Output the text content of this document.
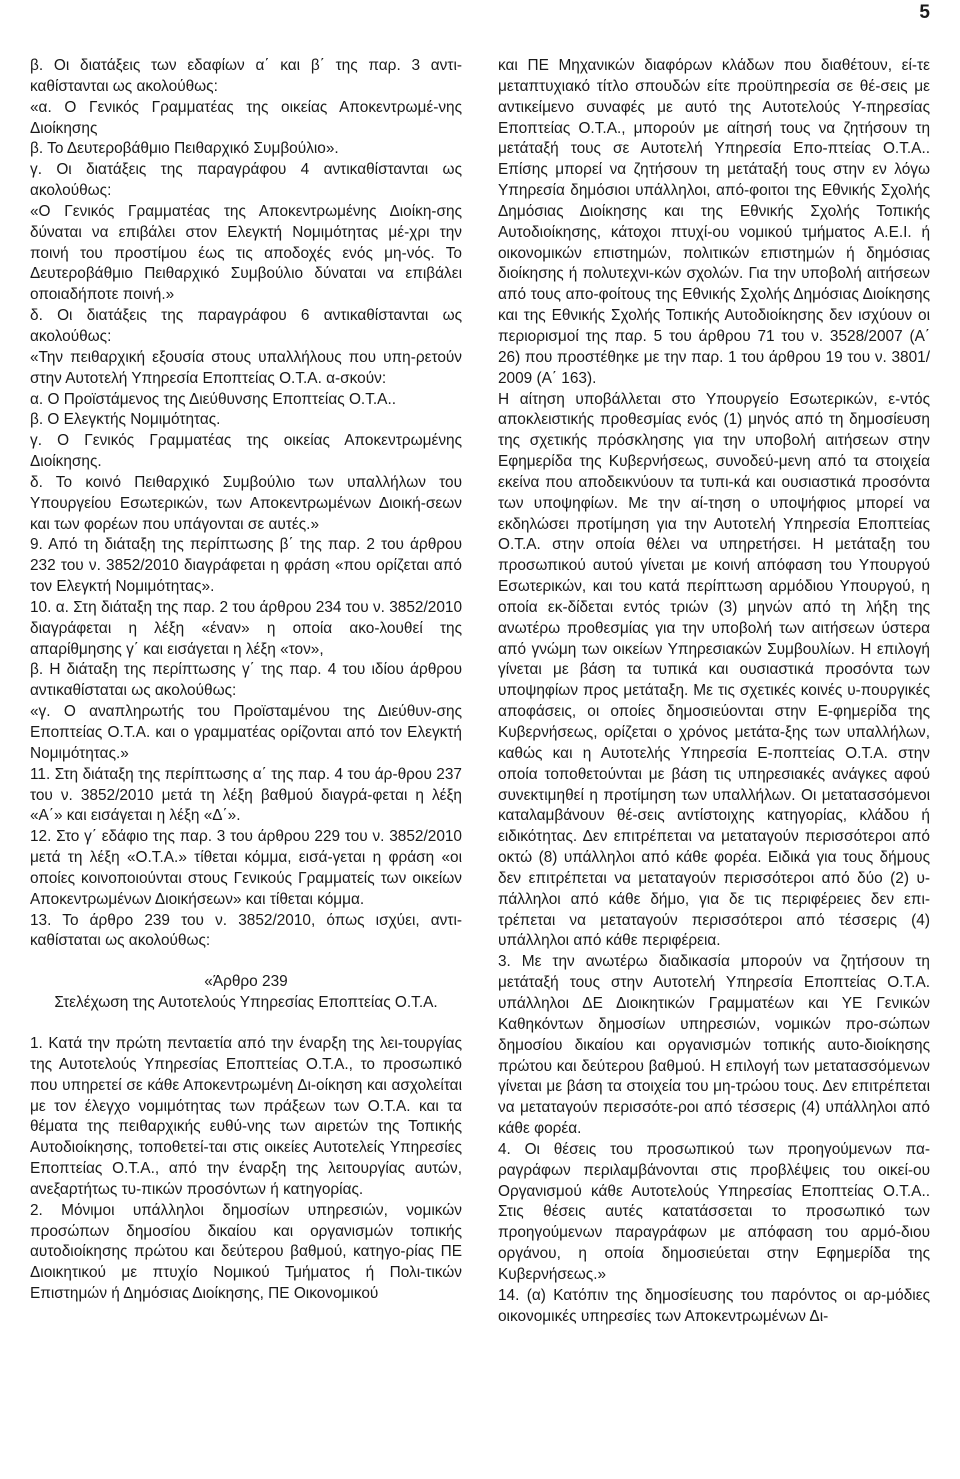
5

β. Οι διατάξεις των εδαφίων α΄ και β΄ της παρ. 3 αντι-καθίστανται ως ακολούθως:

«α. Ο Γενικός Γραμματέας της οικείας Αποκεντρωμέ-νης Διοίκησης

β. Το Δευτεροβάθμιο Πειθαρχικό Συμβούλιο».

γ. Οι διατάξεις της παραγράφου 4 αντικαθίστανται ως ακολούθως:

«Ο Γενικός Γραμματέας της Αποκεντρωμένης Διοίκη-σης δύναται να επιβάλει στον Ελεγκτή Νομιμότητας μέ-χρι την ποινή του προστίμου έως τις αποδοχές ενός μη-νός. Το Δευτεροβάθμιο Πειθαρχικό Συμβούλιο δύναται να επιβάλει οποιαδήποτε ποινή.»

δ. Οι διατάξεις της παραγράφου 6 αντικαθίστανται ως ακολούθως:

«Την πειθαρχική εξουσία στους υπαλλήλους που υπη-ρετούν στην Αυτοτελή Υπηρεσία Εποπτείας Ο.Τ.Α. α-σκούν:

α. Ο Προϊστάμενος της Διεύθυνσης Εποπτείας Ο.Τ.Α..

β. Ο Ελεγκτής Νομιμότητας.

γ. Ο Γενικός Γραμματέας της οικείας Αποκεντρωμένης Διοίκησης.

δ. Το κοινό Πειθαρχικό Συμβούλιο των υπαλλήλων του Υπουργείου Εσωτερικών, των Αποκεντρωμένων Διοική-σεων και των φορέων που υπάγονται σε αυτές.»

9. Από τη διάταξη της περίπτωσης β΄ της παρ. 2 του άρθρου 232 του ν. 3852/2010 διαγράφεται η φράση «που ορίζεται από τον Ελεγκτή Νομιμότητας».

10. α. Στη διάταξη της παρ. 2 του άρθρου 234 του ν. 3852/2010 διαγράφεται η λέξη «έναν» η οποία ακο-λουθεί της απαρίθμησης γ΄ και εισάγεται η λέξη «τον»,

β. Η διάταξη της περίπτωσης γ΄ της παρ. 4 του ιδίου άρθρου αντικαθίσταται ως ακολούθως:

«γ. Ο αναπληρωτής του Προϊσταμένου της Διεύθυν-σης Εποπτείας Ο.Τ.Α. και ο γραμματέας ορίζονται από τον Ελεγκτή Νομιμότητας.»

11. Στη διάταξη της περίπτωσης α΄ της παρ. 4 του άρ-θρου 237 του ν. 3852/2010 μετά τη λέξη βαθμού διαγρά-φεται η λέξη «Α΄» και εισάγεται η λέξη «Δ΄».

12. Στο γ΄ εδάφιο της παρ. 3 του άρθρου 229 του ν. 3852/2010 μετά τη λέξη «Ο.Τ.Α.» τίθεται κόμμα, εισά-γεται η φράση «οι οποίες κοινοποιούνται στους Γενικούς Γραμματείς των οικείων Αποκεντρωμένων Διοικήσεων» και τίθεται κόμμα.

13. Το άρθρο 239 του ν. 3852/2010, όπως ισχύει, αντι-καθίσταται ως ακολούθως:

«Άρθρο 239

Στελέχωση της Αυτοτελούς Υπηρεσίας Εποπτείας Ο.Τ.Α.

1. Κατά την πρώτη πενταετία από την έναρξη της λει-τουργίας της Αυτοτελούς Υπηρεσίας Εποπτείας Ο.Τ.Α., το προσωπικό που υπηρετεί σε κάθε Αποκεντρωμένη Δι-οίκηση και ασχολείται με τον έλεγχο νομιμότητας των πράξεων των Ο.Τ.Α. και τα θέματα της πειθαρχικής ευθύ-νης των αιρετών της Τοπικής Αυτοδιοίκησης, τοποθετεί-ται στις οικείες Αυτοτελείς Υπηρεσίες Εποπτείας Ο.Τ.Α., από την έναρξη της λειτουργίας αυτών, ανεξαρτήτως τυ-πικών προσόντων ή κατηγορίας.

2. Μόνιμοι υπάλληλοι δημοσίων υπηρεσιών, νομικών προσώπων δημοσίου δικαίου και οργανισμών τοπικής αυτοδιοίκησης πρώτου και δεύτερου βαθμού, κατηγο-ρίας ΠΕ Διοικητικού με πτυχίο Νομικού Τμήματος ή Πολι-τικών Επιστημών ή Δημόσιας Διοίκησης, ΠΕ Οικονομικού

και ΠΕ Μηχανικών διαφόρων κλάδων που διαθέτουν, εί-τε μεταπτυχιακό τίτλο σπουδών είτε προϋπηρεσία σε θέ-σεις με αντικείμενο συναφές με αυτό της Αυτοτελούς Υ-πηρεσίας Εποπτείας Ο.Τ.Α., μπορούν με αίτησή τους να ζητήσουν τη μετάταξή τους σε Αυτοτελή Υπηρεσία Επο-πτείας Ο.Τ.Α.. Επίσης μπορεί να ζητήσουν τη μετάταξή τους στην εν λόγω Υπηρεσία δημόσιοι υπάλληλοι, από-φοιτοι της Εθνικής Σχολής Δημόσιας Διοίκησης και της Εθνικής Σχολής Τοπικής Αυτοδιοίκησης, κάτοχοι πτυχί-ου νομικού τμήματος Α.Ε.Ι. ή οικονομικών επιστημών, πολιτικών επιστημών ή δημόσιας διοίκησης ή πολυτεχνι-κών σχολών. Για την υποβολή αιτήσεων από τους απο-φοίτους της Εθνικής Σχολής Δημόσιας Διοίκησης και της Εθνικής Σχολής Τοπικής Αυτοδιοίκησης δεν ισχύουν οι περιορισμοί της παρ. 5 του άρθρου 71 του ν. 3528/2007 (Α΄ 26) που προστέθηκε με την παρ. 1 του άρθρου 19 του ν. 3801/ 2009 (Α΄ 163).

Η αίτηση υποβάλλεται στο Υπουργείο Εσωτερικών, ε-ντός αποκλειστικής προθεσμίας ενός (1) μηνός από τη δημοσίευση της σχετικής πρόσκλησης για την υποβολή αιτήσεων στην Εφημερίδα της Κυβερνήσεως, συνοδεύ-μενη από τα στοιχεία εκείνα που αποδεικνύουν τα τυπι-κά και ουσιαστικά προσόντα των υποψηφίων. Με την αί-τηση ο υποψήφιος μπορεί να εκδηλώσει προτίμηση για την Αυτοτελή Υπηρεσία Εποπτείας Ο.Τ.Α. στην οποία θέλει να υπηρετήσει. Η μετάταξη του προσωπικού αυτού γίνεται με κοινή απόφαση του Υπουργού Εσωτερικών, και του κατά περίπτωση αρμόδιου Υπουργού, η οποία εκ-δίδεται εντός τριών (3) μηνών από τη λήξη της ανωτέρω προθεσμίας για την υποβολή των αιτήσεων ύστερα από γνώμη των οικείων Υπηρεσιακών Συμβουλίων. Η επιλογή γίνεται με βάση τα τυπικά και ουσιαστικά προσόντα των υποψηφίων προς μετάταξη. Με τις σχετικές κοινές υ-πουργικές αποφάσεις, οι οποίες δημοσιεύονται στην Ε-φημερίδα της Κυβερνήσεως, ορίζεται ο χρόνος μετάτα-ξης των υπαλλήλων, καθώς και η Αυτοτελής Υπηρεσία Ε-ποπτείας Ο.Τ.Α. στην οποία τοποθετούνται με βάση τις υπηρεσιακές ανάγκες αφού συνεκτιμηθεί η προτίμηση των υπαλλήλων. Οι μετατασσόμενοι καταλαμβάνουν θέ-σεις αντίστοιχης κατηγορίας, κλάδου ή ειδικότητας. Δεν επιτρέπεται να μεταταγούν περισσότεροι από οκτώ (8) υπάλληλοι από κάθε φορέα. Ειδικά για τους δήμους δεν επιτρέπεται να μεταταγούν περισσότεροι από δύο (2) υ-πάλληλοι από κάθε δήμο, για δε τις περιφέρειες δεν επι-τρέπεται να μεταταγούν περισσότεροι από τέσσερις (4) υπάλληλοι από κάθε περιφέρεια.

3. Με την ανωτέρω διαδικασία μπορούν να ζητήσουν τη μετάταξή τους στην Αυτοτελή Υπηρεσία Εποπτείας Ο.Τ.Α. υπάλληλοι ΔΕ Διοικητικών Γραμματέων και ΥΕ Γενικών Καθηκόντων δημοσίων υπηρεσιών, νομικών προ-σώπων δημοσίου δικαίου και οργανισμών τοπικής αυτο-διοίκησης πρώτου και δεύτερου βαθμού. Η επιλογή των μετατασσόμενων γίνεται με βάση τα στοιχεία του μη-τρώου τους. Δεν επιτρέπεται να μεταταγούν περισσότε-ροι από τέσσερις (4) υπάλληλοι από κάθε φορέα.

4. Οι θέσεις του προσωπικού των προηγούμενων πα-ραγράφων περιλαμβάνονται στις προβλέψεις του οικεί-ου Οργανισμού κάθε Αυτοτελούς Υπηρεσίας Εποπτείας Ο.Τ.Α.. Στις θέσεις αυτές κατατάσσεται το προσωπικό των προηγούμενων παραγράφων με απόφαση του αρμό-διου οργάνου, η οποία δημοσιεύεται στην Εφημερίδα της Κυβερνήσεως.»

14. (α) Κατόπιν της δημοσίευσης του παρόντος οι αρ-μόδιες οικονομικές υπηρεσίες των Αποκεντρωμένων Δι-
